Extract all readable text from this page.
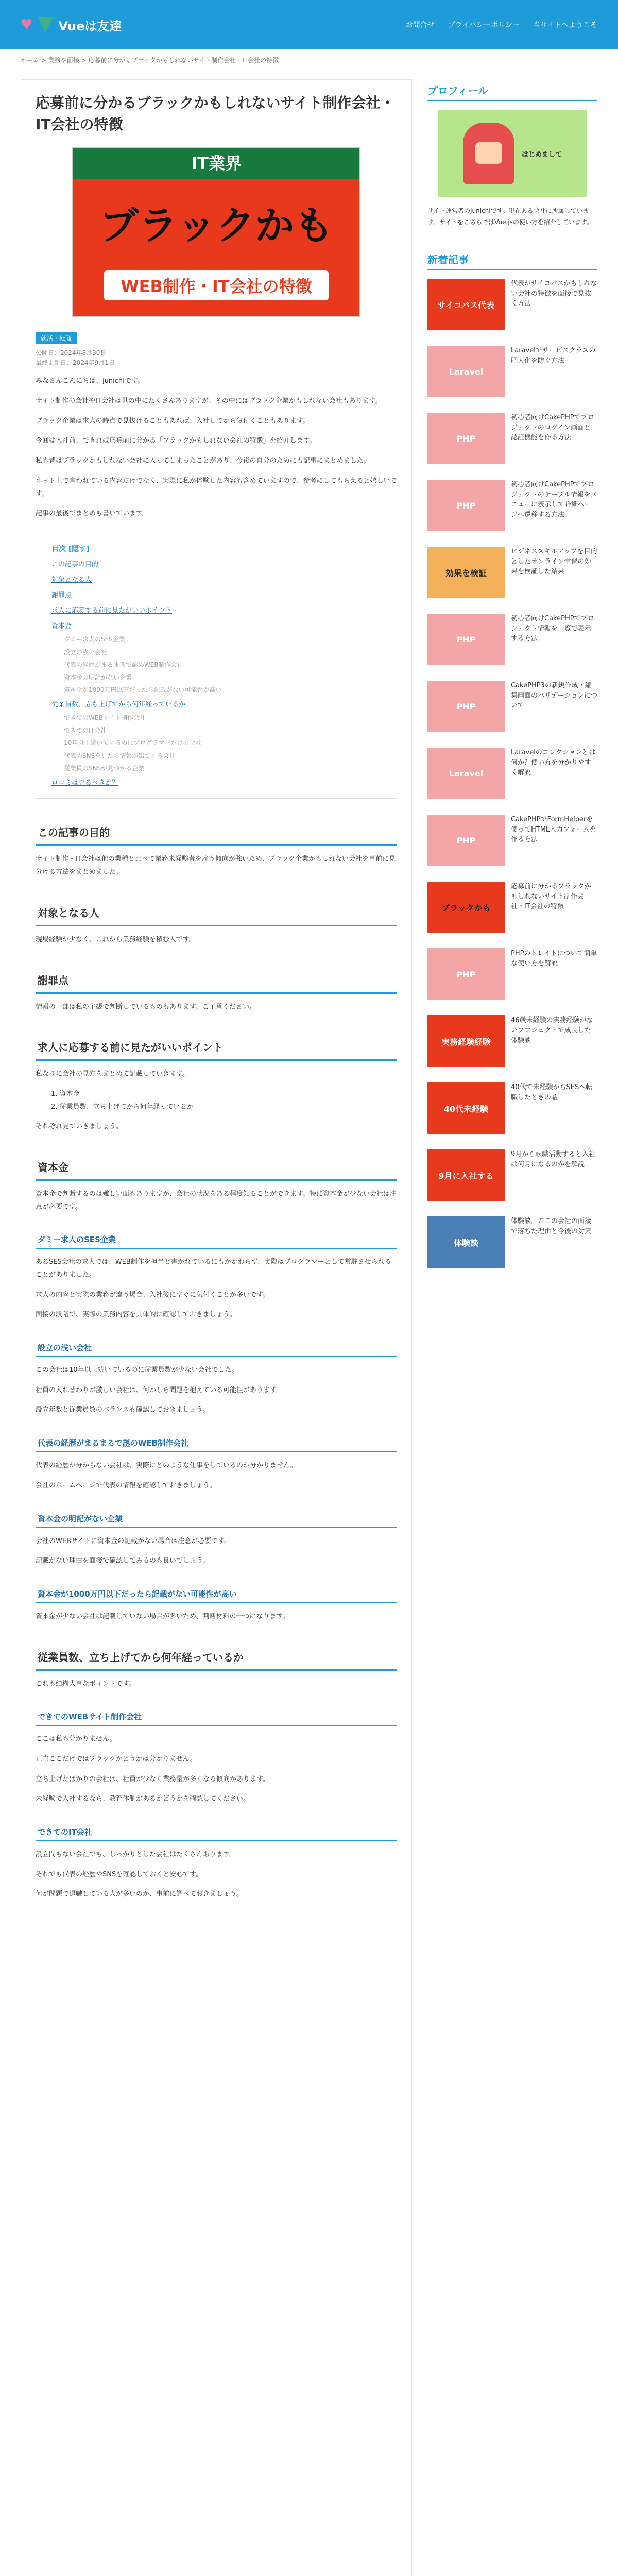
♥ Vueは友達	お問合せ プライバシーポリシー 当サイトへようこそ
ホーム > 業務や面接 > 応募前に分かるブラックかもしれないサイト制作会社・IT会社の特徴
応募前に分かるブラックかもしれないサイト制作会社・IT会社の特徴
IT業界
ブラックかも
WEB制作・IT会社の特徴
就活・転職
公開日：2024年8月30日
最終更新日：2024年9月1日
みなさんこんにちは、junichiです。
サイト制作の会社やIT会社は世の中にたくさんありますが、その中にはブラック企業かもしれない会社もあります。
ブラック企業は求人の時点で見抜けることもあれば、入社してから気付くこともあります。
今回は入社前、できれば応募前に分かる「ブラックかもしれない会社の特徴」を紹介します。
私も昔はブラックかもしれない会社に入ってしまったことがあり、今後の自分のためにも記事にまとめました。
ネット上で言われている内容だけでなく、実際に私が体験した内容も含めていますので、参考にしてもらえると嬉しいです。
記事の最後でまとめも書いています。
目次 [隠す]
この記事の目的
対象となる人
謝罪点
求人に応募する前に見たがいいポイント
資本金
ダミー求人のSES企業
設立の浅い会社
代表の経歴がまるまるで謎のWEB制作会社
資本金の明記がない企業
資本金が1000万円以下だったら記載がない可能性が高い
従業員数、立ち上げてから何年経っているか
できてのWEBサイト制作会社
できてのIT会社
10年以上続いているのにプログラマーだけの会社
代表のSNSを見たら情報が出てくる会社
従業員のSNSが見つかる企業
ロコミは見るべきか？
この記事の目的
サイト制作・IT会社は他の業種と比べて業務未経験者を雇う傾向が強いため、ブラック企業かもしれない会社を事前に見分ける方法をまとめました。
対象となる人
現場経験が少なく、これから業務経験を積む人です。
謝罪点
情報の一部は私の主観で判断しているものもあります。ご了承ください。
求人に応募する前に見たがいいポイント
私なりに会社の見方をまとめて記載していきます。
1. 資本金
2. 従業員数、立ち上げてから何年経っているか
それぞれ見ていきましょう。
資本金
資本金で判断するのは難しい面もありますが、会社の状況をある程度知ることができます。特に資本金が少ない会社は注意が必要です。
ダミー求人のSES企業
あるSES会社の求人では、WEB制作を担当と書かれているにもかかわらず、実際はプログラマーとして常駐させられることがありました。
求人の内容と実際の業務が違う場合、入社後にすぐに気付くことが多いです。
面接の段階で、実際の業務内容を具体的に確認しておきましょう。
設立の浅い会社
この会社は10年以上続いているのに従業員数が少ない会社でした。
社員の入れ替わりが激しい会社は、何かしら問題を抱えている可能性があります。
設立年数と従業員数のバランスも確認しておきましょう。
代表の経歴がまるまるで謎のWEB制作会社
代表の経歴が分からない会社は、実際にどのような仕事をしているのか分かりません。
会社のホームページで代表の情報を確認しておきましょう。
資本金の明記がない企業
会社のWEBサイトに資本金の記載がない場合は注意が必要です。
記載がない理由を面接で確認してみるのも良いでしょう。
資本金が1000万円以下だったら記載がない可能性が高い
資本金が少ない会社は記載していない場合が多いため、判断材料の一つになります。
従業員数、立ち上げてから何年経っているか
これも結構大事なポイントです。
できてのWEBサイト制作会社
ここは私も分かりません。
正直ここだけではブラックかどうかは分かりません。
立ち上げたばかりの会社は、社員が少なく業務量が多くなる傾向があります。
未経験で入社するなら、教育体制があるかどうかを確認してください。
できてのIT会社
設立間もない会社でも、しっかりとした会社はたくさんあります。
それでも代表の経歴やSNSを確認しておくと安心です。
何が問題で退職している人が多いのか、事前に調べておきましょう。
プロフィール
はじめまして
サイト運営者のjunichiです。現在ある会社に所属しています。サイトをこちらではVue.jsの使い方を紹介しています。
新着記事
サイコパス代表
代表がサイコパスかもしれない会社の特徴を面接で見抜く方法
Laravel
Laravelでサービスクラスの肥大化を防ぐ方法
PHP
初心者向けCakePHPでプロジェクトのログイン画面と認証機能を作る方法
PHP
初心者向けCakePHPでプロジェクトのテーブル情報をメニューに表示して詳細ページへ遷移する方法
効果を検証
ビジネススキルアップを目的としたオンライン学習の効果を検証した結果
PHP
初心者向けCakePHPでプロジェクト情報を一覧で表示する方法
PHP
CakePHP3の新規作成・編集画面のバリデーションについて
Laravel
Laravelのコレクションとは何か？使い方を分かりやすく解説
PHP
CakePHPでFormHelperを使ってHTML入力フォームを作る方法
ブラックかも
応募前に分かるブラックかもしれないサイト制作会社・IT会社の特徴
PHP
PHPのトレイトについて簡単な使い方を解説
実務経験経験
46歳未経験の実務経験がないプロジェクトで成長した体験談
40代未経験
40代で未経験からSESへ転職したときの話
9月に入社する
9月から転職活動すると入社は何月になるのかを解説
体験談
体験談。ここの会社の面接で落ちた理由と今後の対策
